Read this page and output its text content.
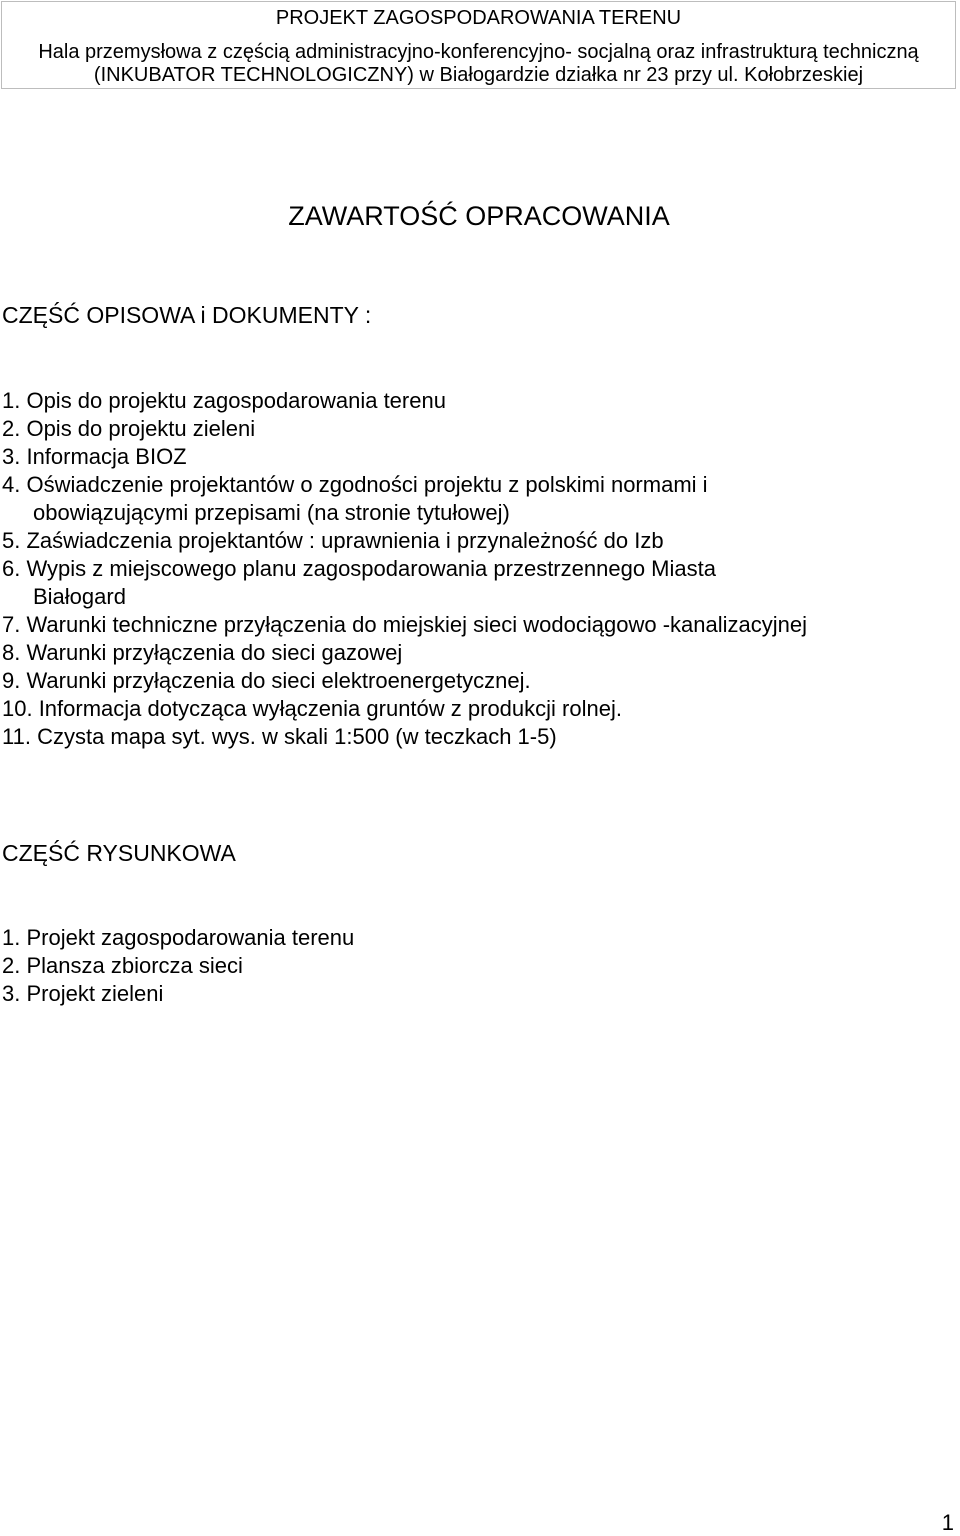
PROJEKT ZAGOSPODAROWANIA TERENU
Hala przemysłowa z częścią administracyjno-konferencyjno- socjalną oraz infrastrukturą techniczną
(INKUBATOR TECHNOLOGICZNY) w Białogardzie działka nr 23 przy ul. Kołobrzeskiej
ZAWARTOŚĆ OPRACOWANIA
CZĘŚĆ OPISOWA i DOKUMENTY :
1. Opis do projektu zagospodarowania terenu
2. Opis do projektu zieleni
3. Informacja BIOZ
4. Oświadczenie projektantów o zgodności projektu z polskimi normami i
obowiązującymi przepisami (na stronie tytułowej)
5. Zaświadczenia projektantów : uprawnienia i przynależność do Izb
6. Wypis z miejscowego planu zagospodarowania przestrzennego Miasta
Białogard
7. Warunki techniczne przyłączenia do miejskiej sieci wodociągowo -kanalizacyjnej
8. Warunki przyłączenia do sieci gazowej
9. Warunki przyłączenia do sieci elektroenergetycznej.
10. Informacja dotycząca wyłączenia gruntów z produkcji rolnej.
11. Czysta mapa syt. wys. w skali 1:500 (w teczkach 1-5)
CZĘŚĆ RYSUNKOWA
1. Projekt zagospodarowania terenu
2. Plansza zbiorcza sieci
3. Projekt zieleni
1
